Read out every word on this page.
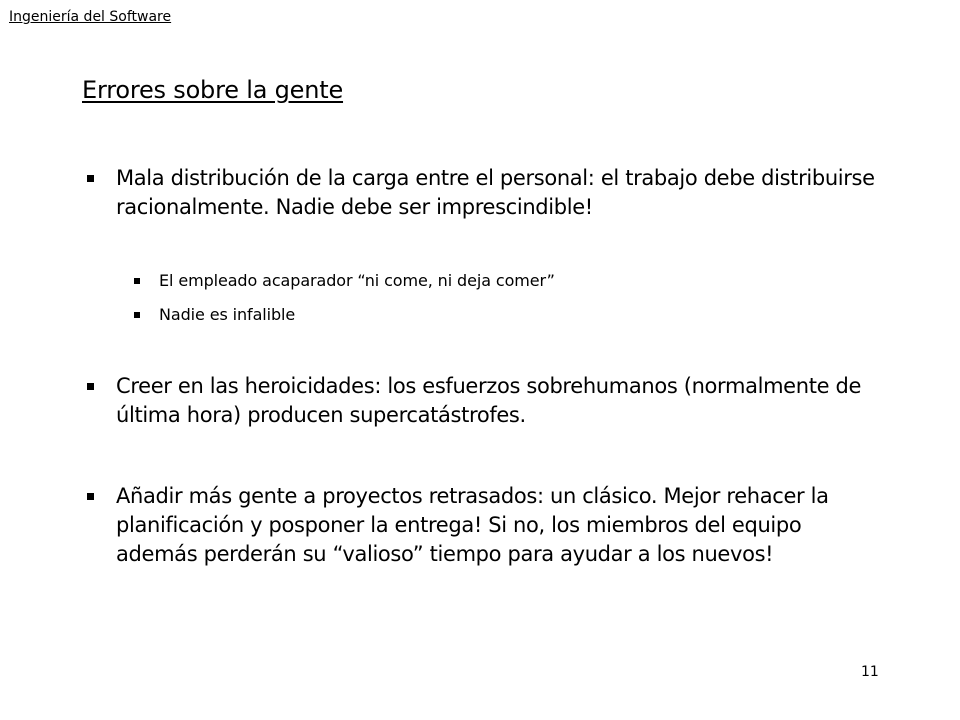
Ingeniería del Software
Errores sobre la gente
Mala distribución de la carga entre el personal: el trabajo debe distribuirse racionalmente. Nadie debe ser imprescindible!
El empleado acaparador “ni come, ni deja comer”
Nadie es infalible
Creer en las heroicidades: los esfuerzos sobrehumanos (normalmente de última hora) producen supercatástrofes.
Añadir más gente a proyectos retrasados: un clásico. Mejor rehacer la planificación y posponer la entrega! Si no, los miembros del equipo además perderán su “valioso” tiempo para ayudar a los nuevos!
11
